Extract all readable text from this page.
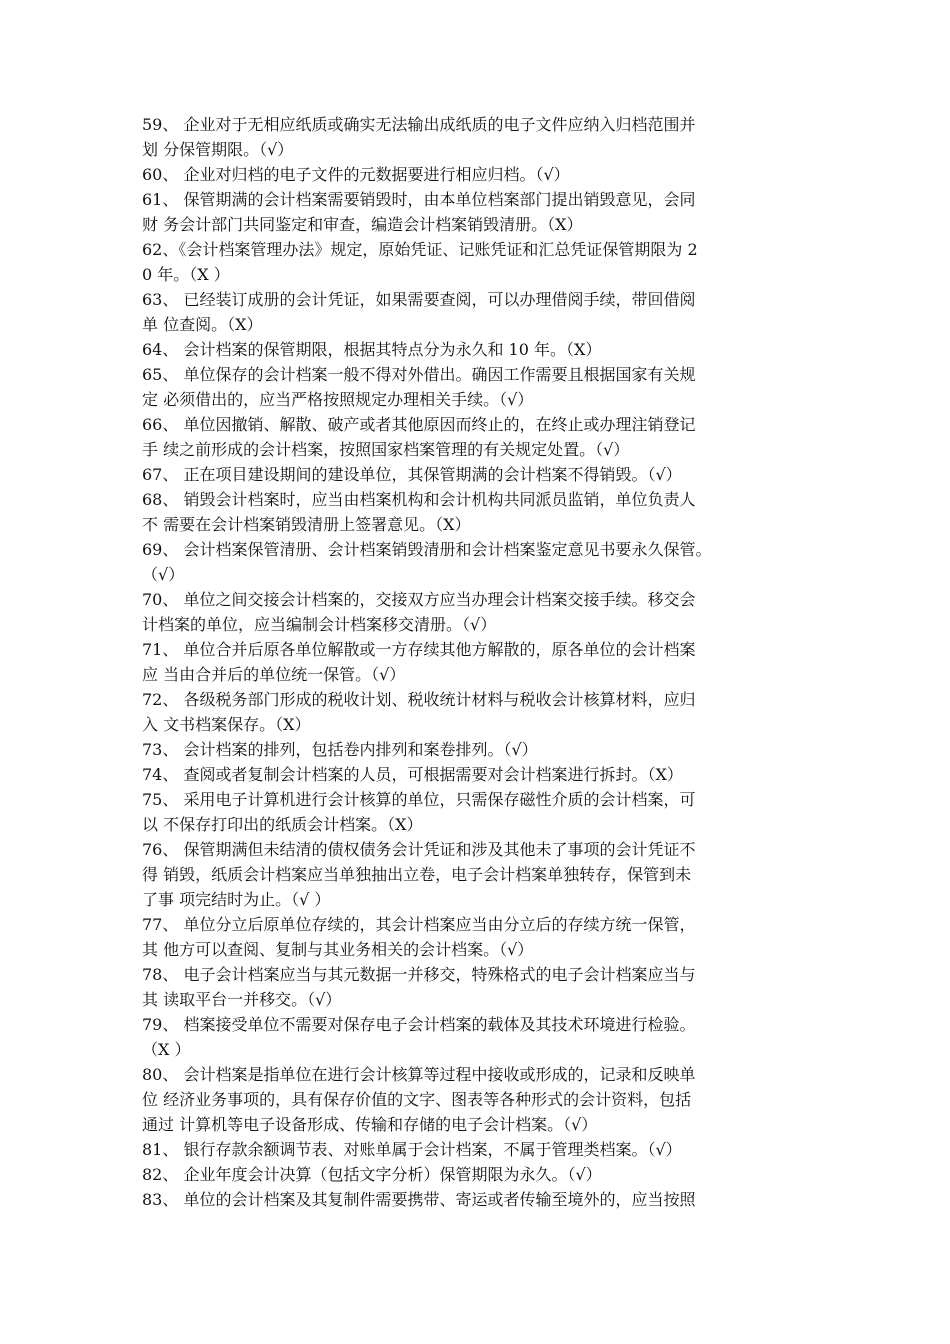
59、 企业对于无相应纸质或确实无法输出成纸质的电子文件应纳入归档范围并
划 分保管期限。（√）
60、 企业对归档的电子文件的元数据要进行相应归档。（√）
61、 保管期满的会计档案需要销毁时，由本单位档案部门提出销毁意见，会同
财 务会计部门共同鉴定和审查，编造会计档案销毁清册。（X）
62、《会计档案管理办法》规定，原始凭证、记账凭证和汇总凭证保管期限为 2
0 年。（X ）
63、 已经装订成册的会计凭证，如果需要查阅，可以办理借阅手续，带回借阅
单 位查阅。（X）
64、 会计档案的保管期限，根据其特点分为永久和 10 年。（X）
65、 单位保存的会计档案一般不得对外借出。确因工作需要且根据国家有关规
定 必须借出的，应当严格按照规定办理相关手续。（√）
66、 单位因撤销、解散、破产或者其他原因而终止的，在终止或办理注销登记
手 续之前形成的会计档案，按照国家档案管理的有关规定处置。（√）
67、 正在项目建设期间的建设单位，其保管期满的会计档案不得销毁。（√）
68、 销毁会计档案时，应当由档案机构和会计机构共同派员监销，单位负责人
不 需要在会计档案销毁清册上签署意见。（X）
69、 会计档案保管清册、会计档案销毁清册和会计档案鉴定意见书要永久保管。
（√）
70、 单位之间交接会计档案的，交接双方应当办理会计档案交接手续。移交会
计档案的单位，应当编制会计档案移交清册。（√）
71、 单位合并后原各单位解散或一方存续其他方解散的，原各单位的会计档案
应 当由合并后的单位统一保管。（√）
72、 各级税务部门形成的税收计划、税收统计材料与税收会计核算材料，应归
入 文书档案保存。（X）
73、 会计档案的排列，包括卷内排列和案卷排列。（√）
74、 查阅或者复制会计档案的人员，可根据需要对会计档案进行拆封。（X）
75、 采用电子计算机进行会计核算的单位，只需保存磁性介质的会计档案，可
以 不保存打印出的纸质会计档案。（X）
76、 保管期满但未结清的债权债务会计凭证和涉及其他未了事项的会计凭证不
得 销毁，纸质会计档案应当单独抽出立卷，电子会计档案单独转存，保管到未
了事 项完结时为止。（√ ）
77、 单位分立后原单位存续的，其会计档案应当由分立后的存续方统一保管，
其 他方可以查阅、复制与其业务相关的会计档案。（√）
78、 电子会计档案应当与其元数据一并移交，特殊格式的电子会计档案应当与
其 读取平台一并移交。（√）
79、 档案接受单位不需要对保存电子会计档案的载体及其技术环境进行检验。
（X ）
80、 会计档案是指单位在进行会计核算等过程中接收或形成的，记录和反映单
位 经济业务事项的，具有保存价值的文字、图表等各种形式的会计资料，包括
通过 计算机等电子设备形成、传输和存储的电子会计档案。（√）
81、 银行存款余额调节表、对账单属于会计档案，不属于管理类档案。（√）
82、 企业年度会计决算（包括文字分析）保管期限为永久。（√）
83、 单位的会计档案及其复制件需要携带、寄运或者传输至境外的，应当按照
